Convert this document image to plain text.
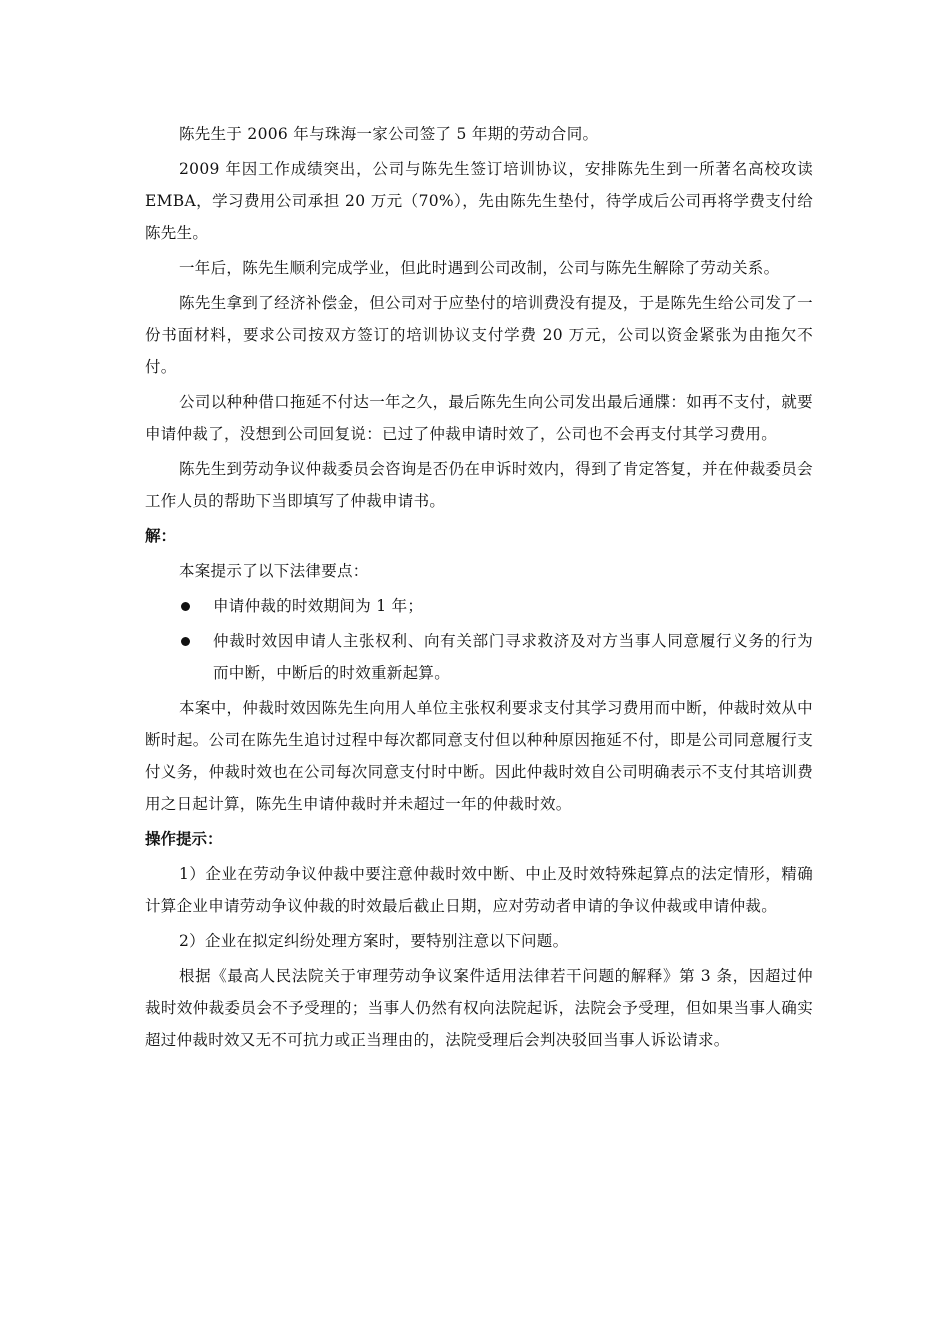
陈先生于 2006 年与珠海一家公司签了 5 年期的劳动合同。

2009 年因工作成绩突出，公司与陈先生签订培训协议，安排陈先生到一所著名高校攻读 EMBA，学习费用公司承担 20 万元（70%），先由陈先生垫付，待学成后公司再将学费支付给陈先生。

一年后，陈先生顺利完成学业，但此时遇到公司改制，公司与陈先生解除了劳动关系。

陈先生拿到了经济补偿金，但公司对于应垫付的培训费没有提及，于是陈先生给公司发了一份书面材料，要求公司按双方签订的培训协议支付学费 20 万元，公司以资金紧张为由拖欠不付。

公司以种种借口拖延不付达一年之久，最后陈先生向公司发出最后通牒：如再不支付，就要申请仲裁了，没想到公司回复说：已过了仲裁申请时效了，公司也不会再支付其学习费用。

陈先生到劳动争议仲裁委员会咨询是否仍在申诉时效内，得到了肯定答复，并在仲裁委员会工作人员的帮助下当即填写了仲裁申请书。

解：

本案提示了以下法律要点：

申请仲裁的时效期间为 1 年；
仲裁时效因申请人主张权利、向有关部门寻求救济及对方当事人同意履行义务的行为而中断，中断后的时效重新起算。

本案中，仲裁时效因陈先生向用人单位主张权利要求支付其学习费用而中断，仲裁时效从中断时起。公司在陈先生追讨过程中每次都同意支付但以种种原因拖延不付，即是公司同意履行支付义务，仲裁时效也在公司每次同意支付时中断。因此仲裁时效自公司明确表示不支付其培训费用之日起计算，陈先生申请仲裁时并未超过一年的仲裁时效。

操作提示：

1）企业在劳动争议仲裁中要注意仲裁时效中断、中止及时效特殊起算点的法定情形，精确计算企业申请劳动争议仲裁的时效最后截止日期，应对劳动者申请的争议仲裁或申请仲裁。

2）企业在拟定纠纷处理方案时，要特别注意以下问题。

根据《最高人民法院关于审理劳动争议案件适用法律若干问题的解释》第 3 条，因超过仲裁时效仲裁委员会不予受理的；当事人仍然有权向法院起诉，法院会予受理，但如果当事人确实超过仲裁时效又无不可抗力或正当理由的，法院受理后会判决驳回当事人诉讼请求。
